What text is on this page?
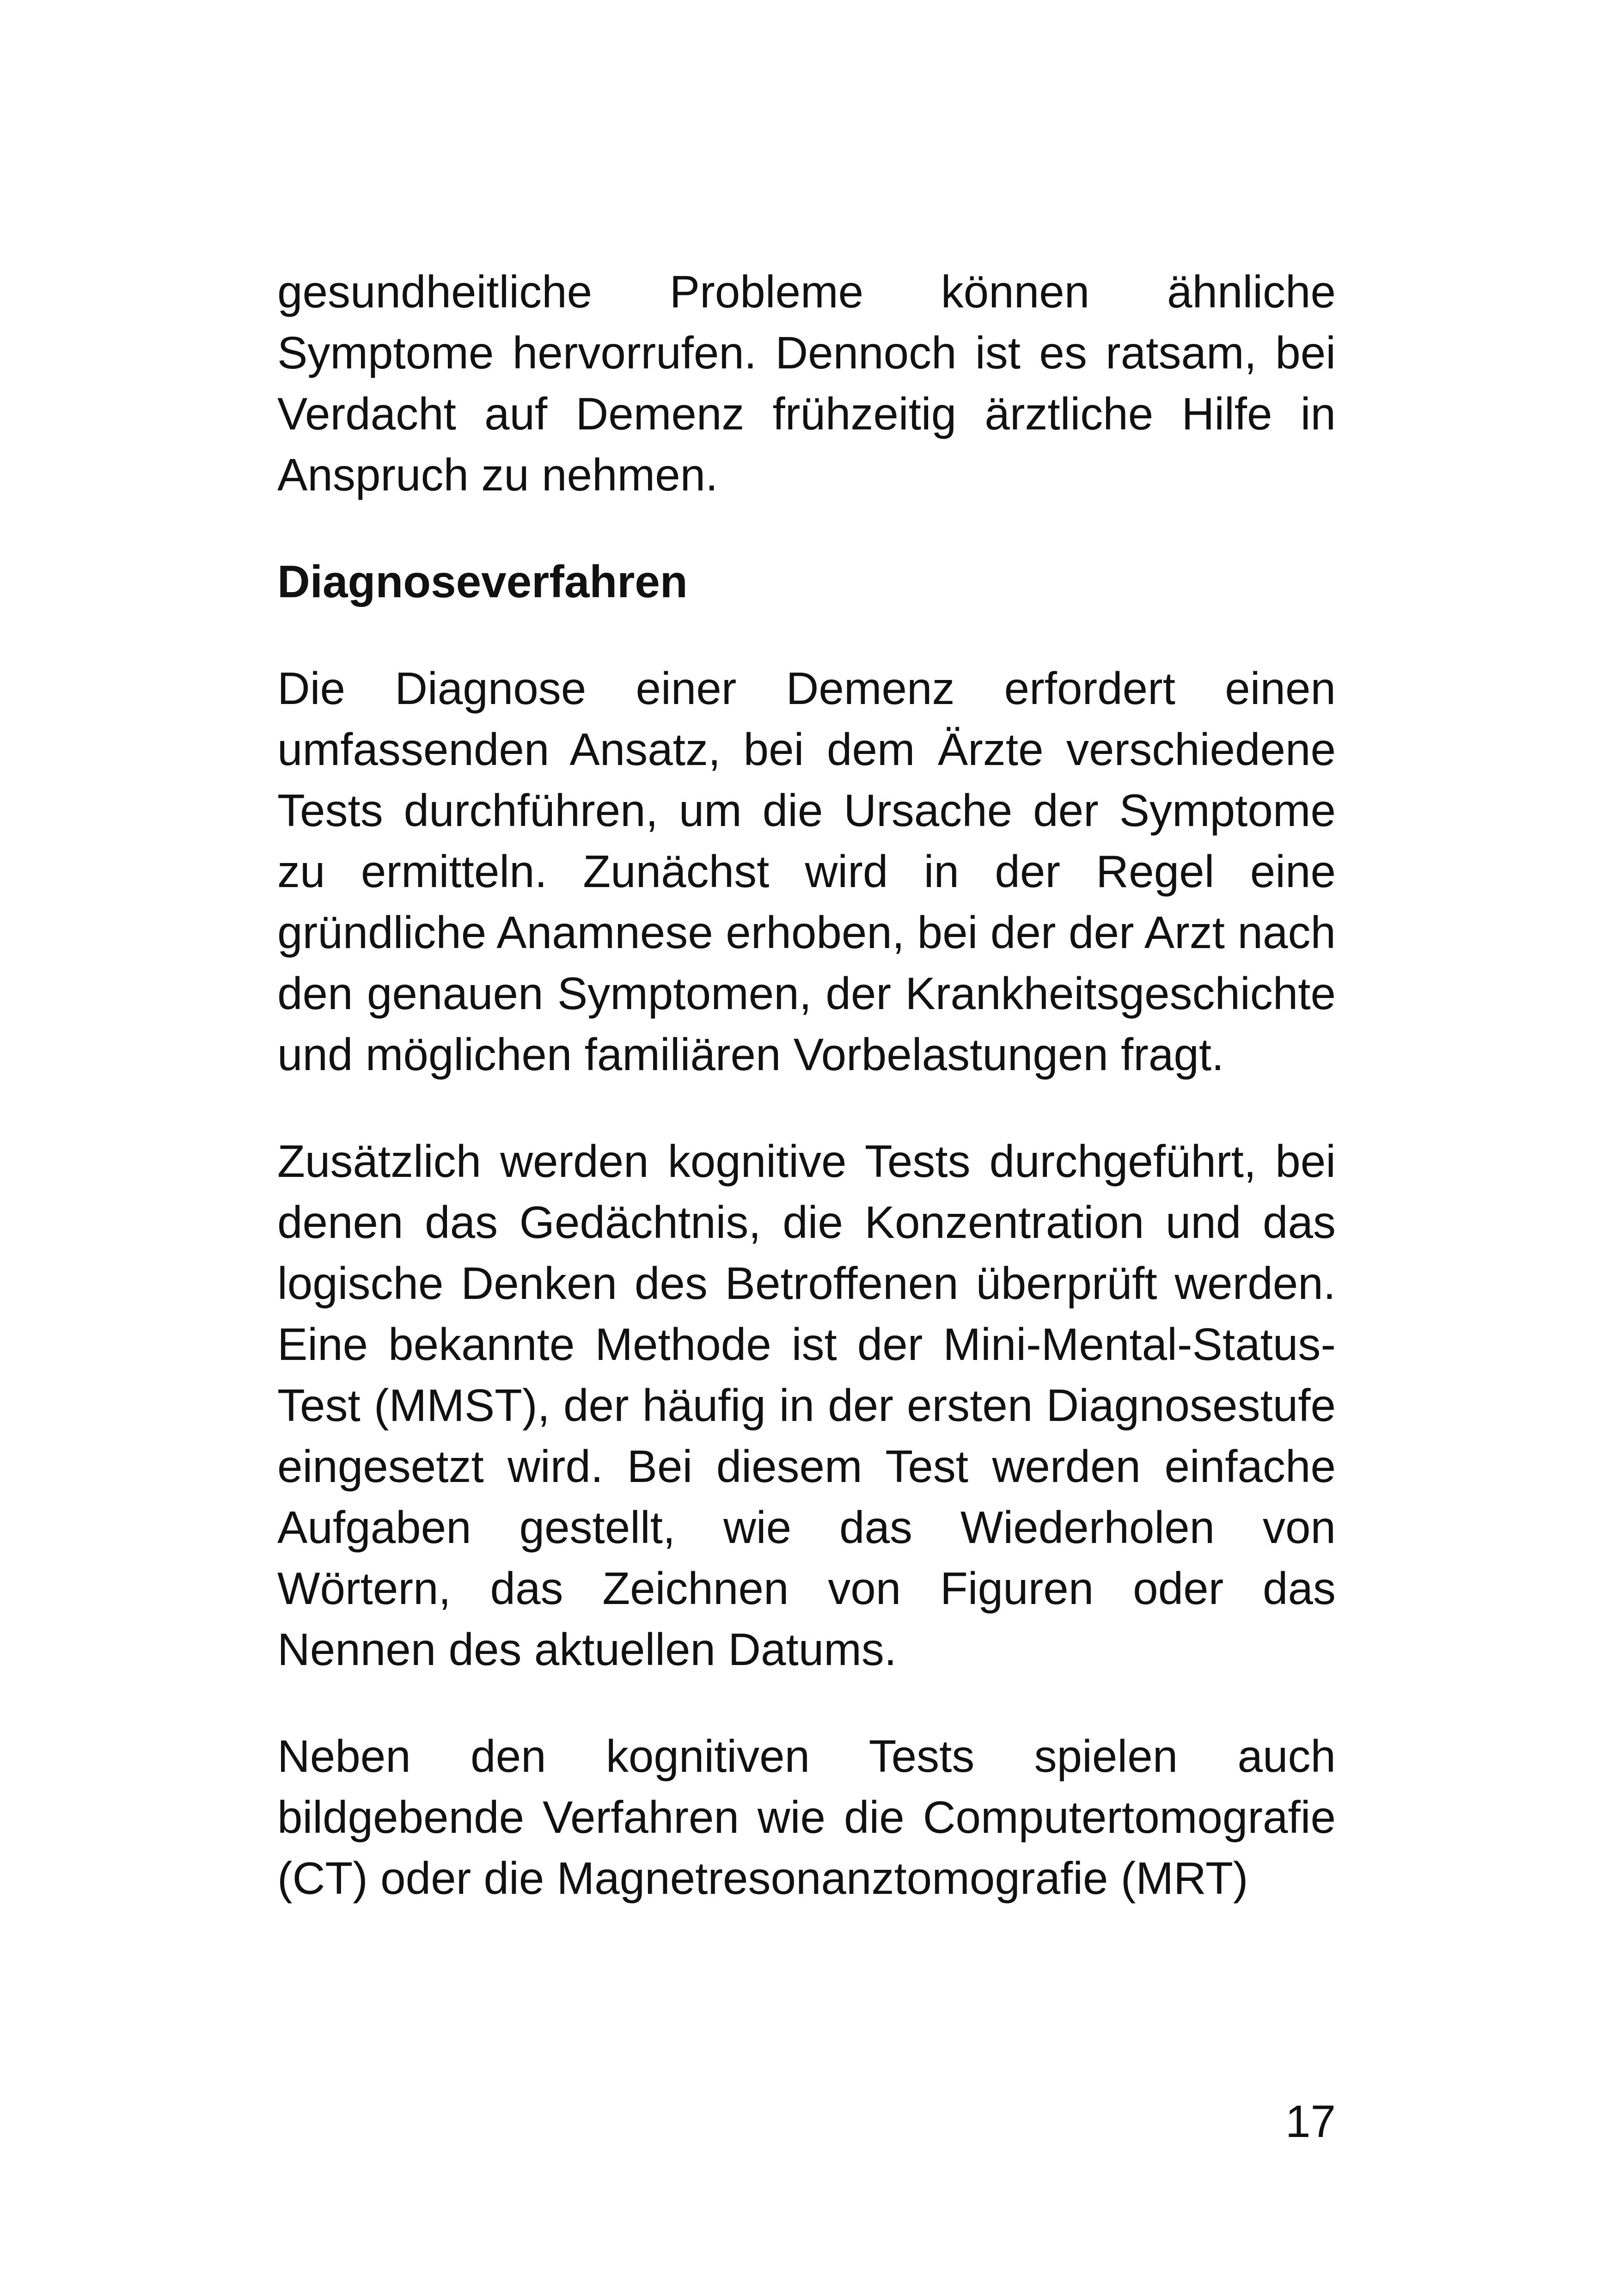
gesundheitliche Probleme können ähnliche Symptome hervorrufen. Dennoch ist es ratsam, bei Verdacht auf Demenz frühzeitig ärztliche Hilfe in Anspruch zu nehmen.

Diagnoseverfahren

Die Diagnose einer Demenz erfordert einen umfassenden Ansatz, bei dem Ärzte verschiedene Tests durchführen, um die Ursache der Symptome zu ermitteln. Zunächst wird in der Regel eine gründliche Anamnese erhoben, bei der der Arzt nach den genauen Symptomen, der Krankheitsgeschichte und möglichen familiären Vorbelastungen fragt.

Zusätzlich werden kognitive Tests durchgeführt, bei denen das Gedächtnis, die Konzentration und das logische Denken des Betroffenen überprüft werden. Eine bekannte Methode ist der Mini-Mental-Status-Test (MMST), der häufig in der ersten Diagnosestufe eingesetzt wird. Bei diesem Test werden einfache Aufgaben gestellt, wie das Wiederholen von Wörtern, das Zeichnen von Figuren oder das Nennen des aktuellen Datums.

Neben den kognitiven Tests spielen auch bildgebende Verfahren wie die Computertomografie (CT) oder die Magnetresonanztomografie (MRT)

17
